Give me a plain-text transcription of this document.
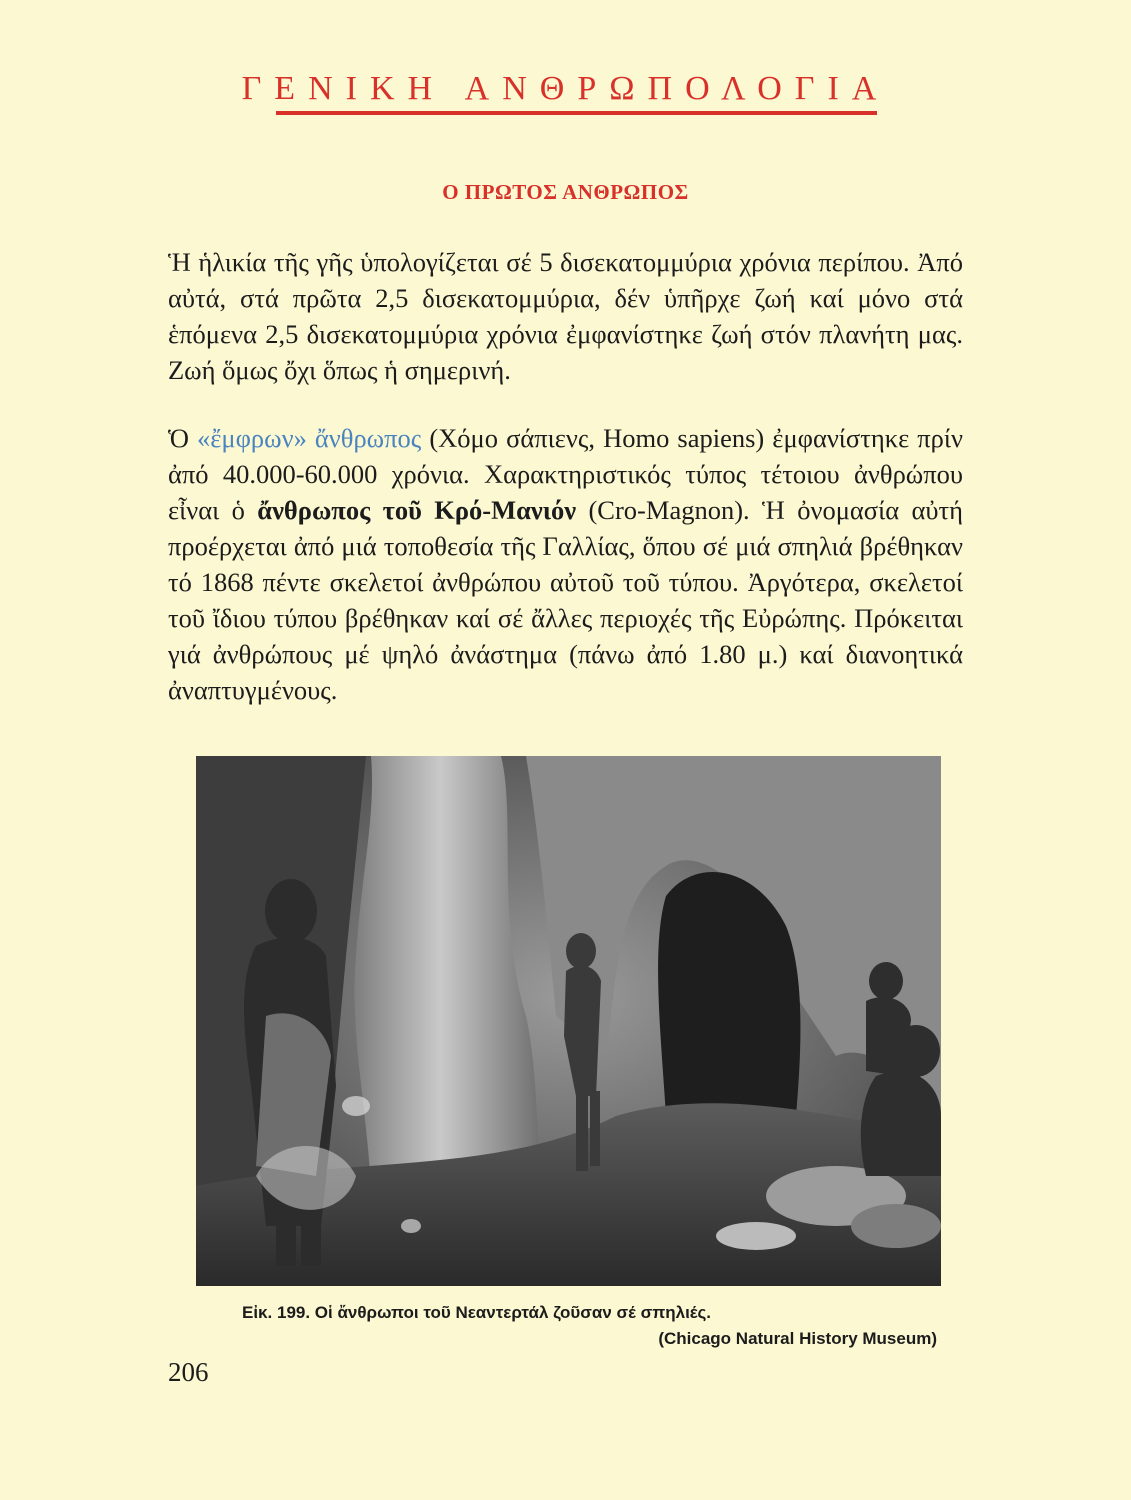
ΓΕΝΙΚΗ ΑΝΘΡΩΠΟΛΟΓΙΑ
Ο ΠΡΩΤΟΣ ΑΝΘΡΩΠΟΣ

Ἡ ἡλικία τῆς γῆς ὑπολογίζεται σέ 5 δισεκατομμύρια χρόνια περίπου. Ἀπό αὐτά, στά πρῶτα 2,5 δισεκατομμύρια, δέν ὑπῆρχε ζωή καί μόνο στά ἑπόμενα 2,5 δισεκατομμύρια χρόνια ἐμφανίστηκε ζωή στόν πλανήτη μας. Ζωή ὅμως ὄχι ὅπως ἡ σημερινή.

Ὁ «ἔμφρων» ἄνθρωπος (Χόμο σάπιενς, Homo sapiens) ἐμφανίστηκε πρίν ἀπό 40.000-60.000 χρόνια. Χαρακτηριστικός τύπος τέτοιου ἀνθρώπου εἶναι ὁ ἄνθρωπος τοῦ Κρό-Μανιόν (Cro-Magnon). Ἡ ὀνομασία αὐτή προέρχεται ἀπό μιά τοποθεσία τῆς Γαλλίας, ὅπου σέ μιά σπηλιά βρέθηκαν τό 1868 πέντε σκελετοί ἀνθρώπου αὐτοῦ τοῦ τύπου. Ἀργότερα, σκελετοί τοῦ ἴδιου τύπου βρέθηκαν καί σέ ἄλλες περιοχές τῆς Εὐρώπης. Πρόκειται γιά ἀνθρώπους μέ ψηλό ἀνάστημα (πάνω ἀπό 1.80 μ.) καί διανοητικά ἀναπτυγμένους.

Εἰκ. 199. Οἱ ἄνθρωποι τοῦ Νεαντερτάλ ζοῦσαν σέ σπηλιές.
(Chicago Natural History Museum)
206
